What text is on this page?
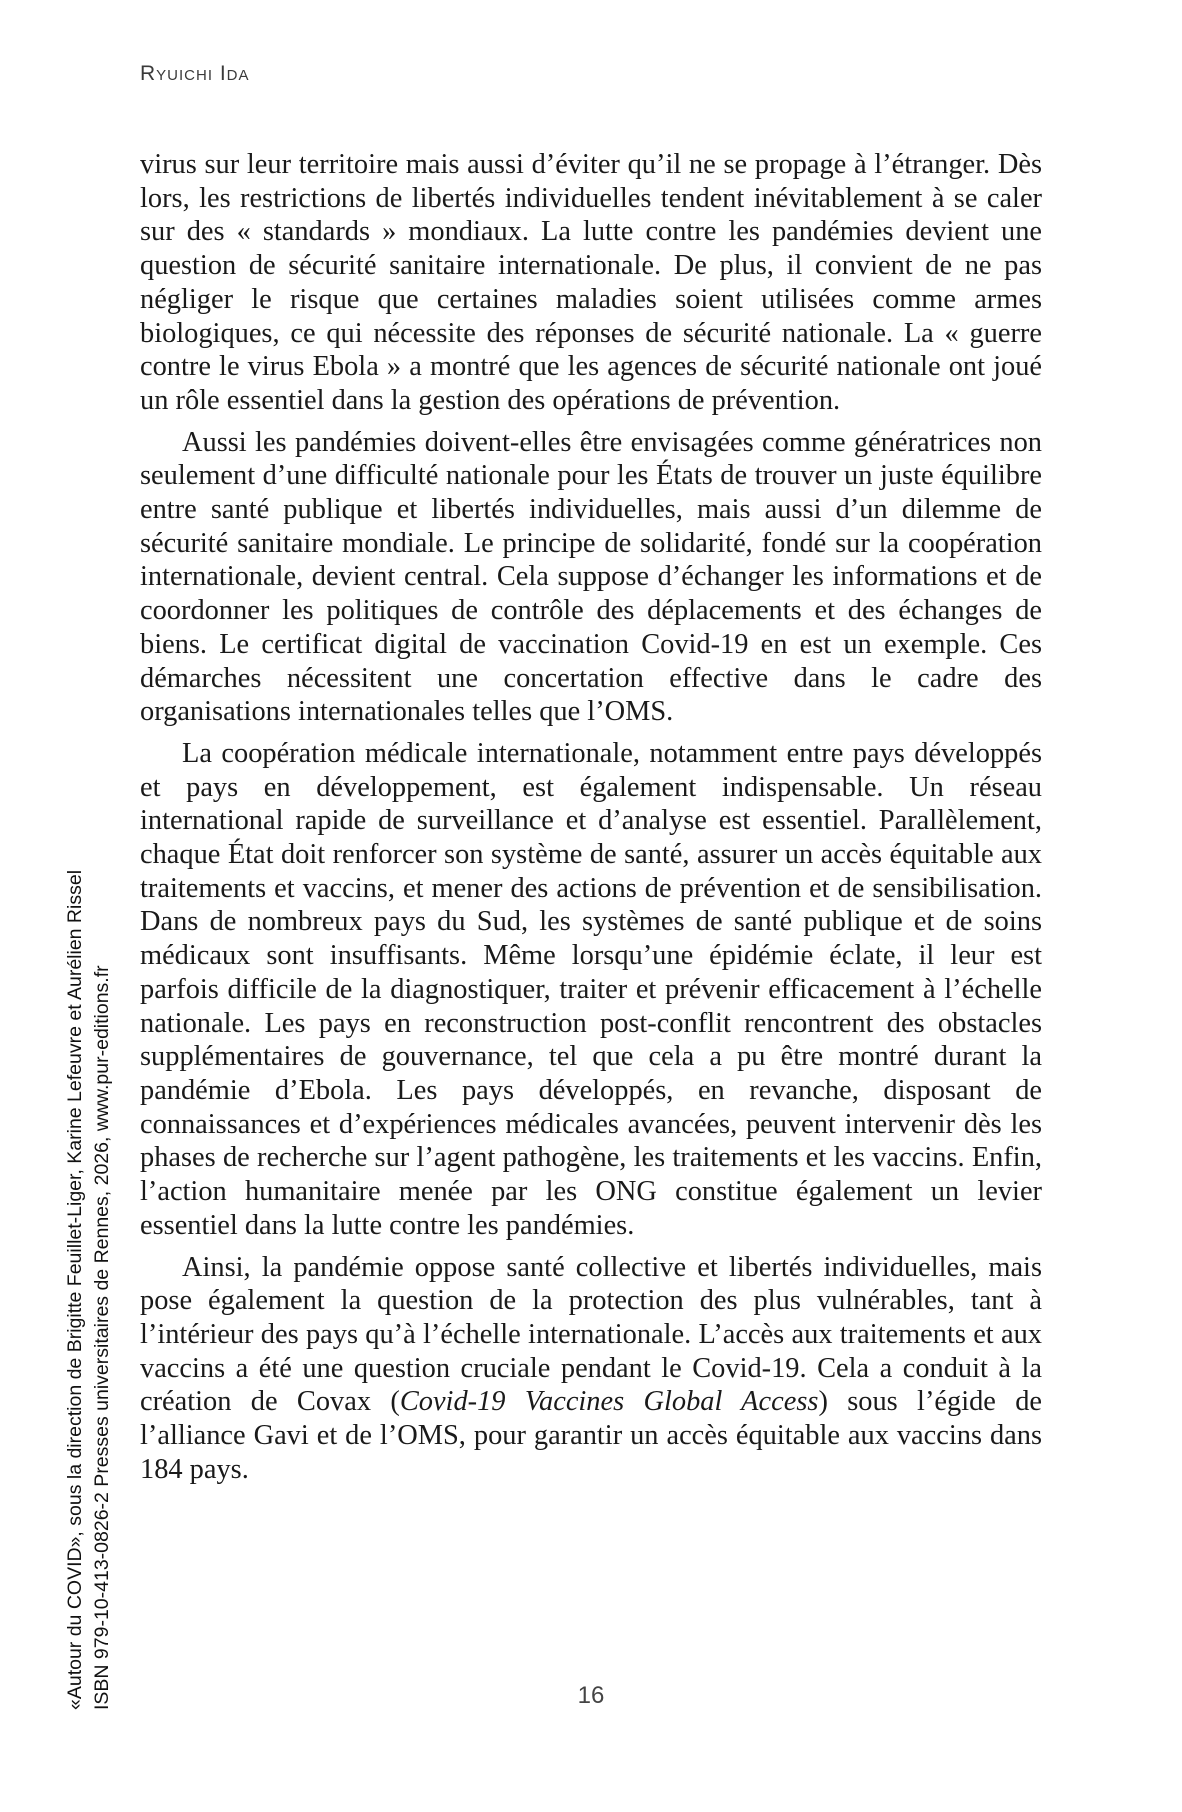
Ryuichi Ida

virus sur leur territoire mais aussi d’éviter qu’il ne se propage à l’étranger. Dès lors, les restrictions de libertés individuelles tendent inévitablement à se caler sur des « standards » mondiaux. La lutte contre les pandémies devient une question de sécurité sanitaire internationale. De plus, il convient de ne pas négliger le risque que certaines maladies soient utilisées comme armes biologiques, ce qui nécessite des réponses de sécurité nationale. La « guerre contre le virus Ebola » a montré que les agences de sécurité nationale ont joué un rôle essentiel dans la gestion des opérations de prévention.

Aussi les pandémies doivent-elles être envisagées comme génératrices non seulement d’une difficulté nationale pour les États de trouver un juste équilibre entre santé publique et libertés individuelles, mais aussi d’un dilemme de sécurité sanitaire mondiale. Le principe de solidarité, fondé sur la coopération internationale, devient central. Cela suppose d’échanger les informations et de coordonner les politiques de contrôle des déplacements et des échanges de biens. Le certificat digital de vaccination Covid-19 en est un exemple. Ces démarches nécessitent une concertation effective dans le cadre des organisations internationales telles que l’OMS.

La coopération médicale internationale, notamment entre pays développés et pays en développement, est également indispensable. Un réseau international rapide de surveillance et d’analyse est essentiel. Parallèlement, chaque État doit renforcer son système de santé, assurer un accès équitable aux traitements et vaccins, et mener des actions de prévention et de sensibilisation. Dans de nombreux pays du Sud, les systèmes de santé publique et de soins médicaux sont insuffisants. Même lorsqu’une épidémie éclate, il leur est parfois difficile de la diagnostiquer, traiter et prévenir efficacement à l’échelle nationale. Les pays en reconstruction post-conflit rencontrent des obstacles supplémentaires de gouvernance, tel que cela a pu être montré durant la pandémie d’Ebola. Les pays développés, en revanche, disposant de connaissances et d’expériences médicales avancées, peuvent intervenir dès les phases de recherche sur l’agent pathogène, les traitements et les vaccins. Enfin, l’action humanitaire menée par les ONG constitue également un levier essentiel dans la lutte contre les pandémies.

Ainsi, la pandémie oppose santé collective et libertés individuelles, mais pose également la question de la protection des plus vulnérables, tant à l’intérieur des pays qu’à l’échelle internationale. L’accès aux traitements et aux vaccins a été une question cruciale pendant le Covid-19. Cela a conduit à la création de Covax (Covid-19 Vaccines Global Access) sous l’égide de l’alliance Gavi et de l’OMS, pour garantir un accès équitable aux vaccins dans 184 pays.

«Autour du COVID», sous la direction de Brigitte Feuillet-Liger, Karine Lefeuvre et Aurélien Rissel ISBN 979-10-413-0826-2 Presses universitaires de Rennes, 2026, www.pur-editions.fr	16
